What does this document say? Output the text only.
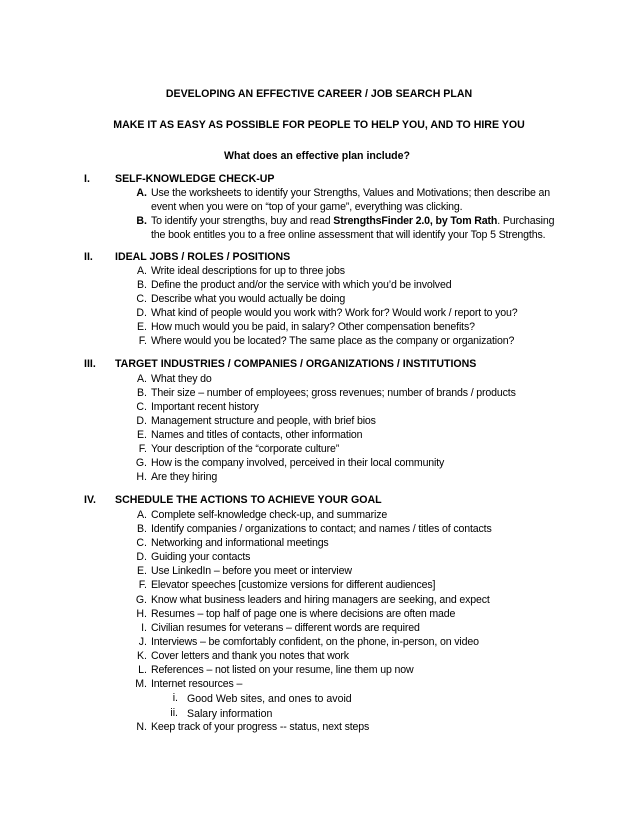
DEVELOPING AN EFFECTIVE CAREER / JOB SEARCH PLAN
MAKE IT AS EASY AS POSSIBLE FOR PEOPLE TO HELP YOU, AND TO HIRE YOU
What does an effective plan include?
I. SELF-KNOWLEDGE CHECK-UP
A. Use the worksheets to identify your Strengths, Values and Motivations; then describe an
event when you were on “top of your game”, everything was clicking.
B. To identify your strengths, buy and read StrengthsFinder 2.0, by Tom Rath. Purchasing
the book entitles you to a free online assessment that will identify your Top 5 Strengths.
II. IDEAL JOBS / ROLES / POSITIONS
A. Write ideal descriptions for up to three jobs
B. Define the product and/or the service with which you’d be involved
C. Describe what you would actually be doing
D. What kind of people would you work with? Work for? Would work / report to you?
E. How much would you be paid, in salary? Other compensation benefits?
F. Where would you be located? The same place as the company or organization?
III. TARGET INDUSTRIES / COMPANIES / ORGANIZATIONS / INSTITUTIONS
A. What they do
B. Their size – number of employees; gross revenues; number of brands / products
C. Important recent history
D. Management structure and people, with brief bios
E. Names and titles of contacts, other information
F. Your description of the “corporate culture”
G. How is the company involved, perceived in their local community
H. Are they hiring
IV. SCHEDULE THE ACTIONS TO ACHIEVE YOUR GOAL
A. Complete self-knowledge check-up, and summarize
B. Identify companies / organizations to contact; and names / titles of contacts
C. Networking and informational meetings
D. Guiding your contacts
E. Use LinkedIn – before you meet or interview
F. Elevator speeches [customize versions for different audiences]
G. Know what business leaders and hiring managers are seeking, and expect
H. Resumes – top half of page one is where decisions are often made
I. Civilian resumes for veterans – different words are required
J. Interviews – be comfortably confident, on the phone, in-person, on video
K. Cover letters and thank you notes that work
L. References – not listed on your resume, line them up now
M. Internet resources –
i. Good Web sites, and ones to avoid
ii. Salary information
N. Keep track of your progress -- status, next steps
